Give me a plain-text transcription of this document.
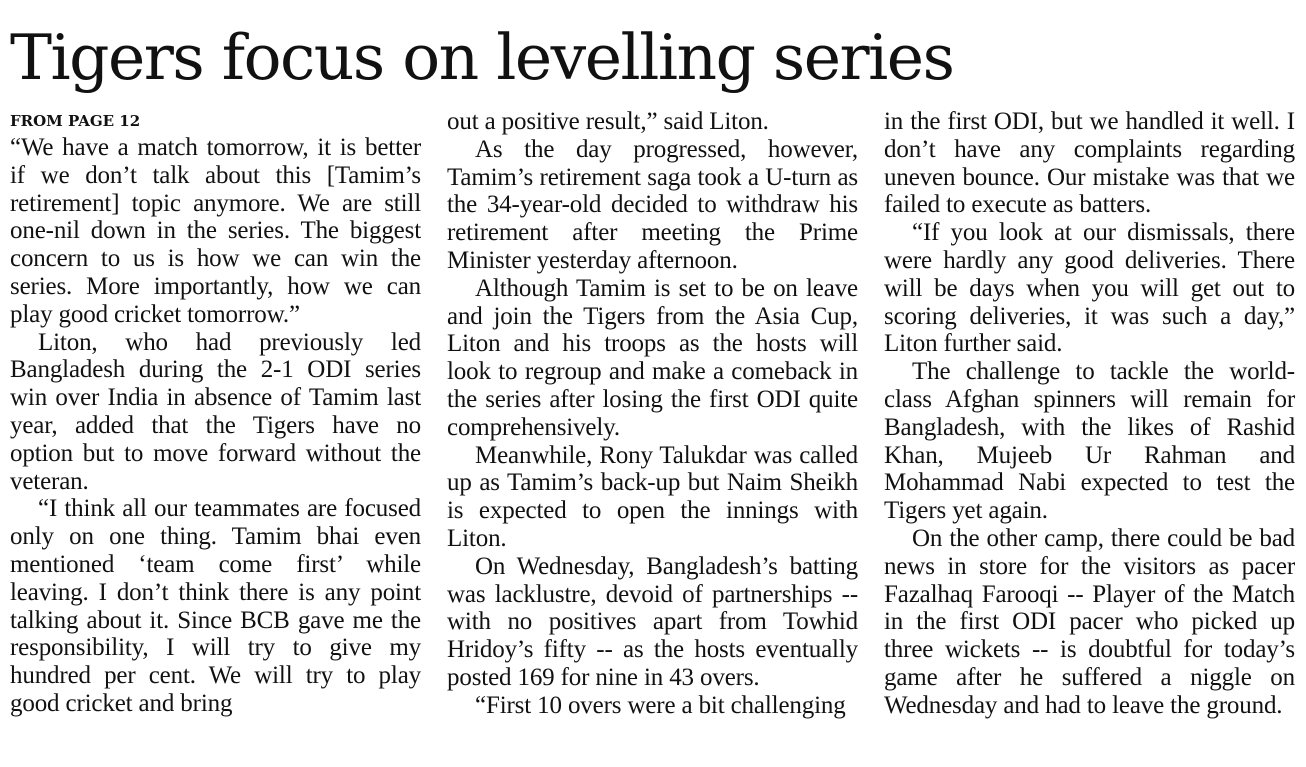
Tigers focus on levelling series
FROM PAGE 12

“We have a match tomorrow, it is better if we don’t talk about this [Tamim’s retirement] topic anymore. We are still one-nil down in the series. The biggest concern to us is how we can win the series. More importantly, how we can play good cricket tomorrow.”

Liton, who had previously led Bangladesh during the 2-1 ODI series win over India in absence of Tamim last year, added that the Tigers have no option but to move forward without the veteran.

“I think all our teammates are focused only on one thing. Tamim bhai even mentioned ‘team come first’ while leaving. I don’t think there is any point talking about it. Since BCB gave me the responsibility, I will try to give my hundred per cent. We will try to play good cricket and bring

out a positive result,” said Liton.

As the day progressed, however, Tamim’s retirement saga took a U-turn as the 34-year-old decided to withdraw his retirement after meeting the Prime Minister yesterday afternoon.

Although Tamim is set to be on leave and join the Tigers from the Asia Cup, Liton and his troops as the hosts will look to regroup and make a comeback in the series after losing the first ODI quite comprehensively.

Meanwhile, Rony Talukdar was called up as Tamim’s back-up but Naim Sheikh is expected to open the innings with Liton.

On Wednesday, Bangladesh’s batting was lacklustre, devoid of partnerships -- with no positives apart from Towhid Hridoy’s fifty -- as the hosts eventually posted 169 for nine in 43 overs.

“First 10 overs were a bit challenging

in the first ODI, but we handled it well. I don’t have any complaints regarding uneven bounce. Our mistake was that we failed to execute as batters.

“If you look at our dismissals, there were hardly any good deliveries. There will be days when you will get out to scoring deliveries, it was such a day,” Liton further said.

The challenge to tackle the world-class Afghan spinners will remain for Bangladesh, with the likes of Rashid Khan, Mujeeb Ur Rahman and Mohammad Nabi expected to test the Tigers yet again.

On the other camp, there could be bad news in store for the visitors as pacer Fazalhaq Farooqi -- Player of the Match in the first ODI pacer who picked up three wickets -- is doubtful for today’s game after he suffered a niggle on Wednesday and had to leave the ground.
